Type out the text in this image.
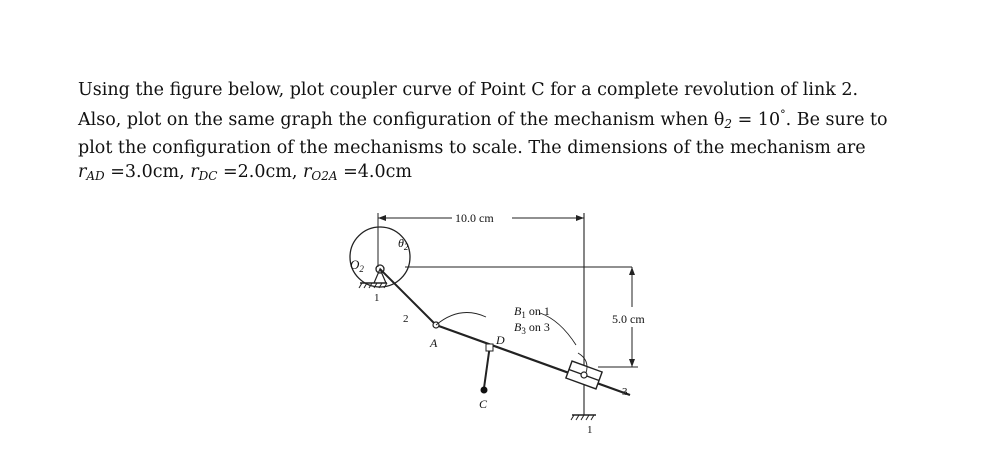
Using the figure below, plot coupler curve of Point C for a complete revolution of link 2.

Also, plot on the same graph the configuration of the mechanism when $\theta_2 = 10^\circ$. Be sure to

plot the configuration of the mechanisms to scale. The dimensions of the mechanism are

$r_{AD} =3.0cm$, $r_{DC} =2.0cm$, $r_{O2A} =4.0cm$

10.0 cm
5.0 cm
$\theta_2$
$O_2$
1
2
A	D
C
$B_1$ on 1
$B_3$ on 3
3
1
